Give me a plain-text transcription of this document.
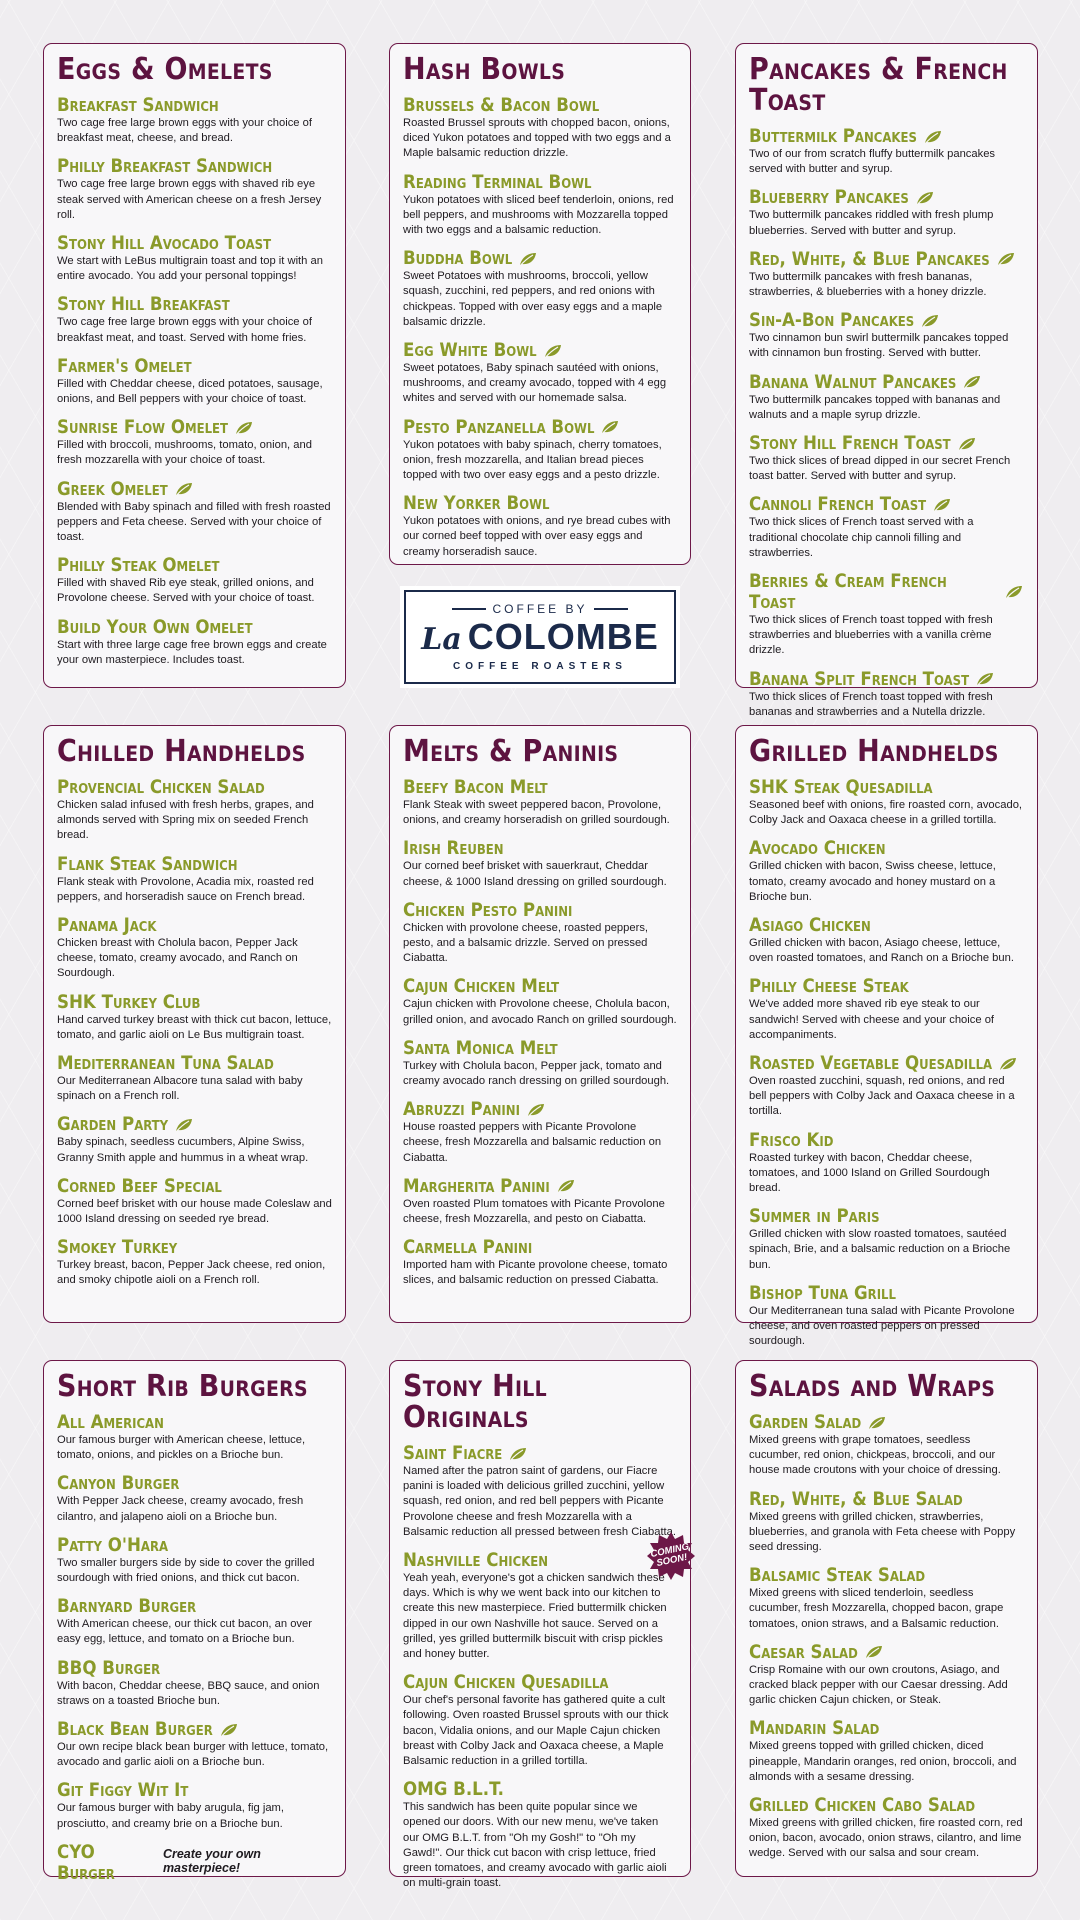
Eggs & Omelets
Breakfast Sandwich
Two cage free large brown eggs with your choice of breakfast meat, cheese, and bread.
Philly Breakfast Sandwich
Two cage free large brown eggs with shaved rib eye steak served with American cheese on a fresh Jersey roll.
Stony Hill Avocado Toast
We start with LeBus multigrain toast and top it with an entire avocado. You add your personal toppings!
Stony Hill Breakfast
Two cage free large brown eggs with your choice of breakfast meat, and toast. Served with home fries.
Farmer's Omelet
Filled with Cheddar cheese, diced potatoes, sausage, onions, and Bell peppers with your choice of toast.
Sunrise Flow Omelet
Filled with broccoli, mushrooms, tomato, onion, and fresh mozzarella with your choice of toast.
Greek Omelet
Blended with Baby spinach and filled with fresh roasted peppers and Feta cheese. Served with your choice of toast.
Philly Steak Omelet
Filled with shaved Rib eye steak, grilled onions, and Provolone cheese. Served with your choice of toast.
Build Your Own Omelet
Start with three large cage free brown eggs and create your own masterpiece. Includes toast.
Hash Bowls
Brussels & Bacon Bowl
Roasted Brussel sprouts with chopped bacon, onions, diced Yukon potatoes and topped with two eggs and a Maple balsamic reduction drizzle.
Reading Terminal Bowl
Yukon potatoes with sliced beef tenderloin, onions, red bell peppers, and mushrooms with Mozzarella topped with two eggs and a balsamic reduction.
Buddha Bowl
Sweet Potatoes with mushrooms, broccoli, yellow squash, zucchini, red peppers, and red onions with chickpeas. Topped with over easy eggs and a maple balsamic drizzle.
Egg White Bowl
Sweet potatoes, Baby spinach sautéed with onions, mushrooms, and creamy avocado, topped with 4 egg whites and served with our homemade salsa.
Pesto Panzanella Bowl
Yukon potatoes with baby spinach, cherry tomatoes, onion, fresh mozzarella, and Italian bread pieces topped with two over easy eggs and a pesto drizzle.
New Yorker Bowl
Yukon potatoes with onions, and rye bread cubes with our corned beef topped with over easy eggs and creamy horseradish sauce.
Pancakes & French Toast
Buttermilk Pancakes
Two of our from scratch fluffy buttermilk pancakes served with butter and syrup.
Blueberry Pancakes
Two buttermilk pancakes riddled with fresh plump blueberries. Served with butter and syrup.
Red, White, & Blue Pancakes
Two buttermilk pancakes with fresh bananas, strawberries, & blueberries with a honey drizzle.
Sin-A-Bon Pancakes
Two cinnamon bun swirl buttermilk pancakes topped with cinnamon bun frosting. Served with butter.
Banana Walnut Pancakes
Two buttermilk pancakes topped with bananas and walnuts and a maple syrup drizzle.
Stony Hill French Toast
Two thick slices of bread dipped in our secret French toast batter. Served with butter and syrup.
Cannoli French Toast
Two thick slices of French toast served with a traditional chocolate chip cannoli filling and strawberries.
Berries & Cream French Toast
Two thick slices of French toast topped with fresh strawberries and blueberries with a vanilla crème drizzle.
Banana Split French Toast
Two thick slices of French toast topped with fresh bananas and strawberries and a Nutella drizzle.
Chilled Handhelds
Provencial Chicken Salad
Chicken salad infused with fresh herbs, grapes, and almonds served with Spring mix on seeded French bread.
Flank Steak Sandwich
Flank steak with Provolone, Acadia mix, roasted red peppers, and horseradish sauce on French bread.
Panama Jack
Chicken breast with Cholula bacon, Pepper Jack cheese, tomato, creamy avocado, and Ranch on Sourdough.
SHK Turkey Club
Hand carved turkey breast with thick cut bacon, lettuce, tomato, and garlic aioli on Le Bus multigrain toast.
Mediterranean Tuna Salad
Our Mediterranean Albacore tuna salad with baby spinach on a French roll.
Garden Party
Baby spinach, seedless cucumbers, Alpine Swiss, Granny Smith apple and hummus in a wheat wrap.
Corned Beef Special
Corned beef brisket with our house made Coleslaw and 1000 Island dressing on seeded rye bread.
Smokey Turkey
Turkey breast, bacon, Pepper Jack cheese, red onion, and smoky chipotle aioli on a French roll.
Melts & Paninis
Beefy Bacon Melt
Flank Steak with sweet peppered bacon, Provolone, onions, and creamy horseradish on grilled sourdough.
Irish Reuben
Our corned beef brisket with sauerkraut, Cheddar cheese, & 1000 Island dressing on grilled sourdough.
Chicken Pesto Panini
Chicken with provolone cheese, roasted peppers, pesto, and a balsamic drizzle. Served on pressed Ciabatta.
Cajun Chicken Melt
Cajun chicken with Provolone cheese, Cholula bacon, grilled onion, and avocado Ranch on grilled sourdough.
Santa Monica Melt
Turkey with Cholula bacon, Pepper jack, tomato and creamy avocado ranch dressing on grilled sourdough.
Abruzzi Panini
House roasted peppers with Picante Provolone cheese, fresh Mozzarella and balsamic reduction on Ciabatta.
Margherita Panini
Oven roasted Plum tomatoes with Picante Provolone cheese, fresh Mozzarella, and pesto on Ciabatta.
Carmella Panini
Imported ham with Picante provolone cheese, tomato slices, and balsamic reduction on pressed Ciabatta.
Grilled Handhelds
SHK Steak Quesadilla
Seasoned beef with onions, fire roasted corn, avocado, Colby Jack and Oaxaca cheese in a grilled tortilla.
Avocado Chicken
Grilled chicken with bacon, Swiss cheese, lettuce, tomato, creamy avocado and honey mustard on a Brioche bun.
Asiago Chicken
Grilled chicken with bacon, Asiago cheese, lettuce, oven roasted tomatoes, and Ranch on a Brioche bun.
Philly Cheese Steak
We've added more shaved rib eye steak to our sandwich! Served with cheese and your choice of accompaniments.
Roasted Vegetable Quesadilla
Oven roasted zucchini, squash, red onions, and red bell peppers with Colby Jack and Oaxaca cheese in a tortilla.
Frisco Kid
Roasted turkey with bacon, Cheddar cheese, tomatoes, and 1000 Island on Grilled Sourdough bread.
Summer in Paris
Grilled chicken with slow roasted tomatoes, sautéed spinach, Brie, and a balsamic reduction on a Brioche bun.
Bishop Tuna Grill
Our Mediterranean tuna salad with Picante Provolone cheese, and oven roasted peppers on pressed sourdough.
Short Rib Burgers
All American
Our famous burger with American cheese, lettuce, tomato, onions, and pickles on a Brioche bun.
Canyon Burger
With Pepper Jack cheese, creamy avocado, fresh cilantro, and jalapeno aioli on a Brioche bun.
Patty O'Hara
Two smaller burgers side by side to cover the grilled sourdough with fried onions, and thick cut bacon.
Barnyard Burger
With American cheese, our thick cut bacon, an over easy egg, lettuce, and tomato on a Brioche bun.
BBQ Burger
With bacon, Cheddar cheese, BBQ sauce, and onion straws on a toasted Brioche bun.
Black Bean Burger
Our own recipe black bean burger with lettuce, tomato, avocado and garlic aioli on a Brioche bun.
Git Figgy Wit It
Our famous burger with baby arugula, fig jam, prosciutto, and creamy brie on a Brioche bun.
CYO Burger
Create your own masterpiece!
Stony Hill Originals
Saint Fiacre
Named after the patron saint of gardens, our Fiacre panini is loaded with delicious grilled zucchini, yellow squash, red onion, and red bell peppers with Picante Provolone cheese and fresh Mozzarella with a Balsamic reduction all pressed between fresh Ciabatta.
Nashville Chicken
Yeah yeah, everyone's got a chicken sandwich these days. Which is why we went back into our kitchen to create this new masterpiece. Fried buttermilk chicken dipped in our own Nashville hot sauce. Served on a grilled, yes grilled buttermilk biscuit with crisp pickles and honey butter.
Cajun Chicken Quesadilla
Our chef's personal favorite has gathered quite a cult following. Oven roasted Brussel sprouts with our thick bacon, Vidalia onions, and our Maple Cajun chicken breast with Colby Jack and Oaxaca cheese, a Maple Balsamic reduction in a grilled tortilla.
OMG B.L.T.
This sandwich has been quite popular since we opened our doors. With our new menu, we've taken our OMG B.L.T. from "Oh my Gosh!" to "Oh my Gawd!". Our thick cut bacon with crisp lettuce, fried green tomatoes, and creamy avocado with garlic aioli on multi-grain toast.
Salads and Wraps
Garden Salad
Mixed greens with grape tomatoes, seedless cucumber, red onion, chickpeas, broccoli, and our house made croutons with your choice of dressing.
Red, White, & Blue Salad
Mixed greens with grilled chicken, strawberries, blueberries, and granola with Feta cheese with Poppy seed dressing.
Balsamic Steak Salad
Mixed greens with sliced tenderloin, seedless cucumber, fresh Mozzarella, chopped bacon, grape tomatoes, onion straws, and a Balsamic reduction.
Caesar Salad
Crisp Romaine with our own croutons, Asiago, and cracked black pepper with our Caesar dressing. Add garlic chicken Cajun chicken, or Steak.
Mandarin Salad
Mixed greens topped with grilled chicken, diced pineapple, Mandarin oranges, red onion, broccoli, and almonds with a sesame dressing.
Grilled Chicken Cabo Salad
Mixed greens with grilled chicken, fire roasted corn, red onion, bacon, avocado, onion straws, cilantro, and lime wedge. Served with our salsa and sour cream.
COFFEE BY
La COLOMBE
COFFEE ROASTERS
COMING SOON!
